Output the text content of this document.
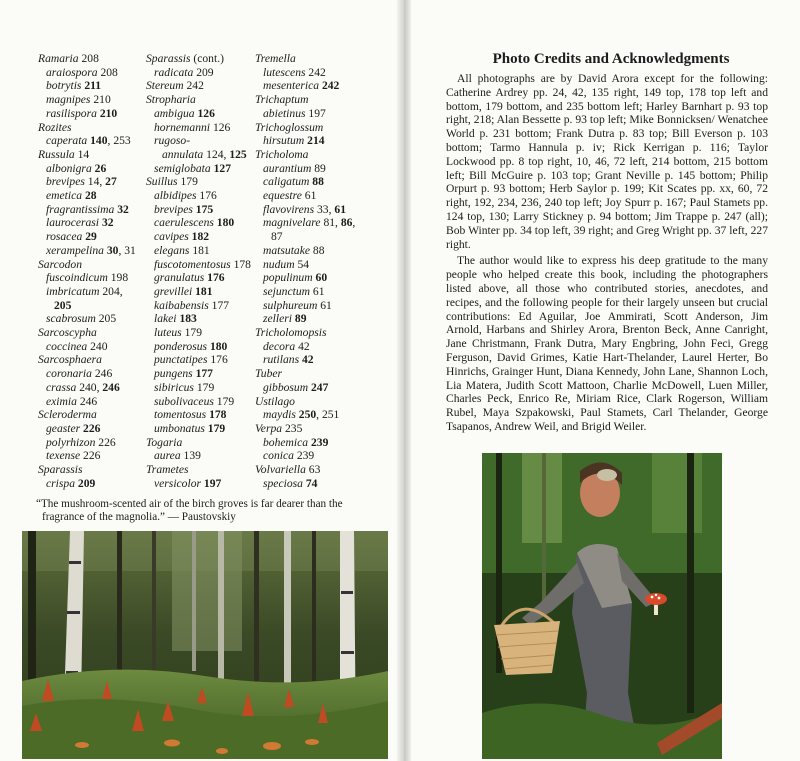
Ramaria 208
araiospora 208
botrytis 211
magnipes 210
rasilispora 210
Rozites
caperata 140, 253
Russula 14
albonigra 26
brevipes 14, 27
emetica 28
fragrantissima 32
laurocerasi 32
rosacea 29
xerampelina 30, 31
Sarcodon
fuscoindicum 198
imbricatum 204,
205
scabrosum 205
Sarcoscypha
coccinea 240
Sarcosphaera
coronaria 246
crassa 240, 246
eximia 246
Scleroderma
geaster 226
polyrhizon 226
texense 226
Sparassis
crispa 209
Sparassis (cont.)
radicata 209
Stereum 242
Stropharia
ambigua 126
hornemanni 126
rugoso-
annulata 124, 125
semiglobata 127
Suillus 179
albidipes 176
brevipes 175
caerulescens 180
cavipes 182
elegans 181
fuscotomentosus 178
granulatus 176
grevillei 181
kaibabensis 177
lakei 183
luteus 179
ponderosus 180
punctatipes 176
pungens 177
sibiricus 179
subolivaceus 179
tomentosus 178
umbonatus 179
Togaria
aurea 139
Trametes
versicolor 197
Tremella
lutescens 242
mesenterica 242
Trichaptum
abietinus 197
Trichoglossum
hirsutum 214
Tricholoma
aurantium 89
caligatum 88
equestre 61
flavovirens 33, 61
magnivelare 81, 86,
87
matsutake 88
nudum 54
populinum 60
sejunctum 61
sulphureum 61
zelleri 89
Tricholomopsis
decora 42
rutilans 42
Tuber
gibbosum 247
Ustilago
maydis 250, 251
Verpa 235
bohemica 239
conica 239
Volvariella 63
speciosa 74
“The mushroom-scented air of the birch groves is far dearer than the
fragrance of the magnolia.” — Paustovskiy
Photo Credits and Acknowledgments

All photographs are by David Arora except for the following: Catherine Ardrey pp. 24, 42, 135 right, 149 top, 178 top left and bottom, 179 bottom, and 235 bottom left; Harley Barnhart p. 93 top right, 218; Alan Bessette p. 93 top left; Mike Bonnicksen/ Wenatchee World p. 231 bottom; Frank Dutra p. 83 top; Bill Everson p. 103 bottom; Tarmo Hannula p. iv; Rick Kerrigan p. 116; Taylor Lockwood pp. 8 top right, 10, 46, 72 left, 214 bottom, 215 bottom left; Bill McGuire p. 103 top; Grant Neville p. 145 bottom; Philip Orpurt p. 93 bottom; Herb Saylor p. 199; Kit Scates pp. xx, 60, 72 right, 192, 234, 236, 240 top left; Joy Spurr p. 167; Paul Stamets pp. 124 top, 130; Larry Stickney p. 94 bottom; Jim Trappe p. 247 (all); Bob Winter pp. 34 top left, 39 right; and Greg Wright pp. 37 left, 227 right.

The author would like to express his deep gratitude to the many people who helped create this book, including the photographers listed above, all those who contributed stories, anecdotes, and recipes, and the following people for their largely unseen but crucial contributions: Ed Aguilar, Joe Ammirati, Scott Anderson, Jim Arnold, Harbans and Shirley Arora, Brenton Beck, Anne Canright, Jane Christmann, Frank Dutra, Mary Engbring, John Feci, Gregg Ferguson, David Grimes, Katie Hart-Thelander, Laurel Herter, Bo Hinrichs, Grainger Hunt, Diana Kennedy, John Lane, Shannon Loch, Lia Matera, Judith Scott Mattoon, Charlie McDowell, Luen Miller, Charles Peck, Enrico Re, Miriam Rice, Clark Rogerson, William Rubel, Maya Szpakowski, Paul Stamets, Carl Thelander, George Tsapanos, Andrew Weil, and Brigid Weiler.
